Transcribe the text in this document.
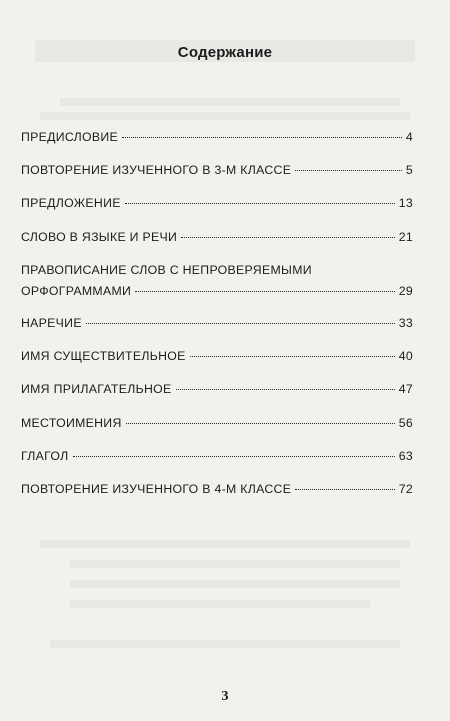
Содержание
ПРЕДИСЛОВИЕ	4
ПОВТОРЕНИЕ ИЗУЧЕННОГО В 3-М КЛАССЕ	5
ПРЕДЛОЖЕНИЕ	13
СЛОВО В ЯЗЫКЕ И РЕЧИ	21
ПРАВОПИСАНИЕ СЛОВ С НЕПРОВЕРЯЕМЫМИ
ОРФОГРАММАМИ	29
НАРЕЧИЕ	33
ИМЯ СУЩЕСТВИТЕЛЬНОЕ	40
ИМЯ ПРИЛАГАТЕЛЬНОЕ	47
МЕСТОИМЕНИЯ	56
ГЛАГОЛ	63
ПОВТОРЕНИЕ ИЗУЧЕННОГО В 4-М КЛАССЕ	72
3
